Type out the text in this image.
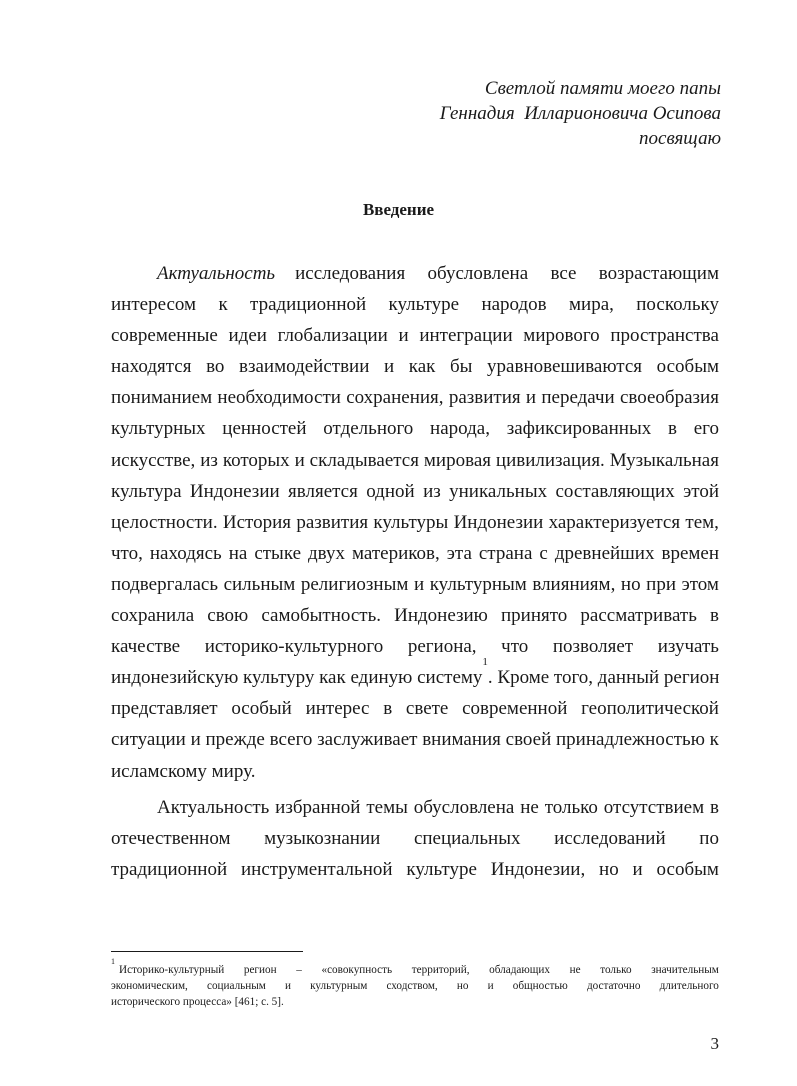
Светлой памяти моего папы
Геннадия  Илларионовича Осипова
посвящаю
Введение
Актуальность исследования обусловлена все возрастающим
интересом к традиционной культуре народов мира, поскольку
современные идеи глобализации и интеграции мирового пространства
находятся во взаимодействии и как бы уравновешиваются особым
пониманием необходимости сохранения, развития и передачи своеобразия
культурных ценностей отдельного народа, зафиксированных в его
искусстве, из которых и складывается мировая цивилизация. Музыкальная
культура Индонезии является одной из уникальных составляющих этой
целостности. История развития культуры Индонезии характеризуется тем,
что, находясь на стыке двух материков, эта страна с древнейших времен
подвергалась сильным религиозным и культурным влияниям, но при этом
сохранила свою самобытность. Индонезию принято рассматривать в
качестве историко-культурного региона, что позволяет изучать
индонезийскую культуру как единую систему
1
. Кроме того, данный регион
представляет особый интерес в свете современной геополитической
ситуации и прежде всего заслуживает внимания своей принадлежностью к
исламскому миру.
Актуальность избранной темы обусловлена не только отсутствием в
отечественном музыкознании специальных исследований по
традиционной инструментальной культуре Индонезии, но и особым
1
Историко-культурный регион – «совокупность территорий, обладающих не только значительным
экономическим, социальным и культурным сходством, но и общностью достаточно длительного
исторического процесса» [461; с. 5].
3
